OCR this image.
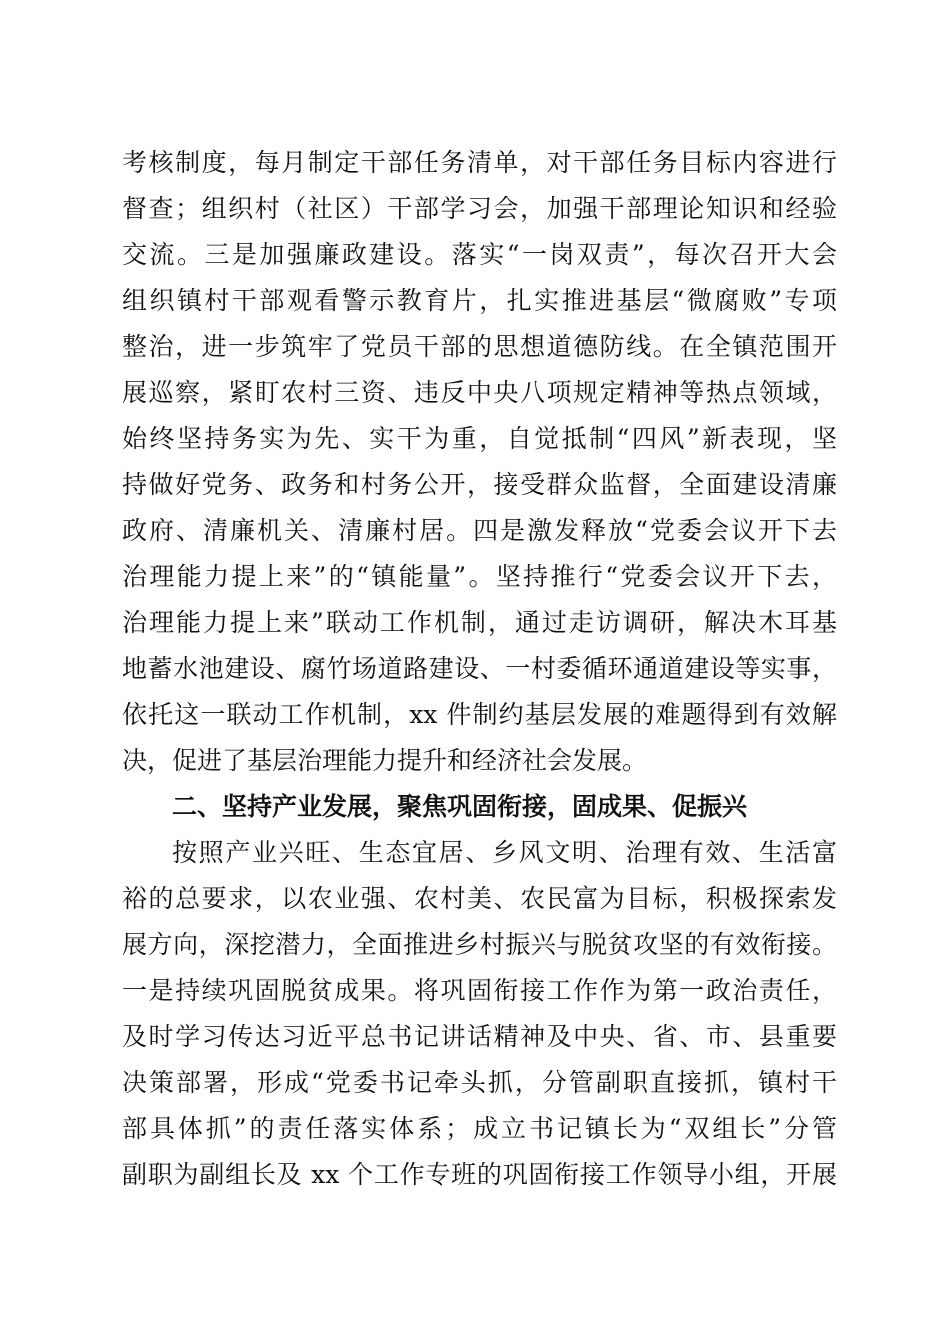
考核制度，每月制定干部任务清单，对干部任务目标内容进行
督查；组织村（社区）干部学习会，加强干部理论知识和经验
交流。三是加强廉政建设。落实“一岗双责”，每次召开大会
组织镇村干部观看警示教育片，扎实推进基层“微腐败”专项
整治，进一步筑牢了党员干部的思想道德防线。在全镇范围开
展巡察，紧盯农村三资、违反中央八项规定精神等热点领域，
始终坚持务实为先、实干为重，自觉抵制“四风”新表现，坚
持做好党务、政务和村务公开，接受群众监督，全面建设清廉
政府、清廉机关、清廉村居。四是激发释放“党委会议开下去
治理能力提上来”的“镇能量”。坚持推行“党委会议开下去，
治理能力提上来”联动工作机制，通过走访调研，解决木耳基
地蓄水池建设、腐竹场道路建设、一村委循环通道建设等实事，
依托这一联动工作机制，xx 件制约基层发展的难题得到有效解
决，促进了基层治理能力提升和经济社会发展。
二、坚持产业发展，聚焦巩固衔接，固成果、促振兴
按照产业兴旺、生态宜居、乡风文明、治理有效、生活富
裕的总要求，以农业强、农村美、农民富为目标，积极探索发
展方向，深挖潜力，全面推进乡村振兴与脱贫攻坚的有效衔接。
一是持续巩固脱贫成果。将巩固衔接工作作为第一政治责任，
及时学习传达习近平总书记讲话精神及中央、省、市、县重要
决策部署，形成“党委书记牵头抓，分管副职直接抓，镇村干
部具体抓”的责任落实体系；成立书记镇长为“双组长”分管
副职为副组长及 xx 个工作专班的巩固衔接工作领导小组，开展
